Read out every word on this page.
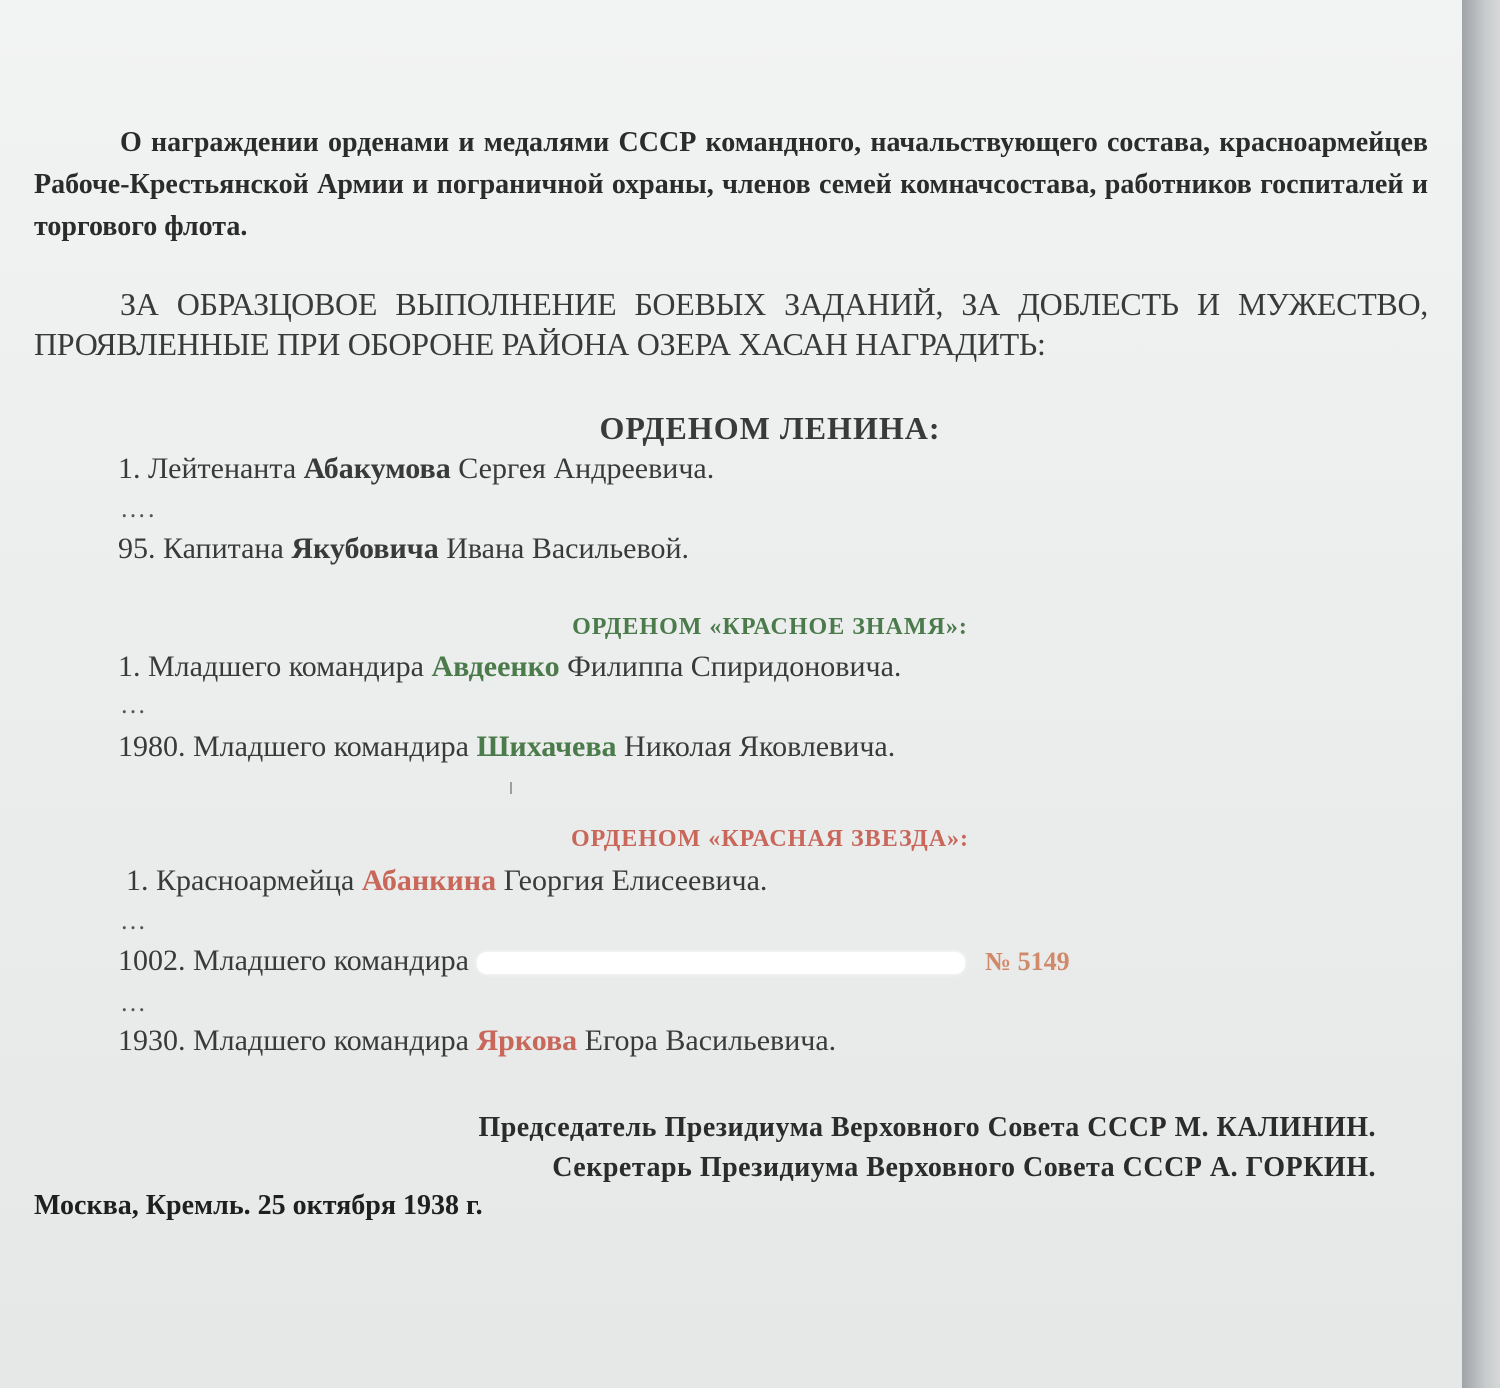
О награждении орденами и медалями СССР командного, начальствующего состава, красноармейцев Рабоче-Крестьянской Армии и пограничной охраны, членов семей комначсостава, работников госпиталей и торгового флота.
ЗА ОБРАЗЦОВОЕ ВЫПОЛНЕНИЕ БОЕВЫХ ЗАДАНИЙ, ЗА ДОБЛЕСТЬ И МУЖЕСТВО, ПРОЯВЛЕННЫЕ ПРИ ОБОРОНЕ РАЙОНА ОЗЕРА ХАСАН НАГРАДИТЬ:
ОРДЕНОМ ЛЕНИНА:
1. Лейтенанта Абакумова Сергея Андреевича.
….
95. Капитана Якубовича Ивана Васильевой.
ОРДЕНОМ «КРАСНОЕ ЗНАМЯ»:
1. Младшего командира Авдеенко Филиппа Спиридоновича.
…
1980. Младшего командира Шихачева Николая Яковлевича.
ОРДЕНОМ «КРАСНАЯ ЗВЕЗДА»:
1. Красноармейца Абанкина Георгия Елисеевича.
…
1002. Младшего командира	№ 5149
…
1930. Младшего командира Яркова Егора Васильевича.
Председатель Президиума Верховного Совета СССР М. КАЛИНИН.
Секретарь Президиума Верховного Совета СССР А. ГОРКИН.
Москва, Кремль. 25 октября 1938 г.
